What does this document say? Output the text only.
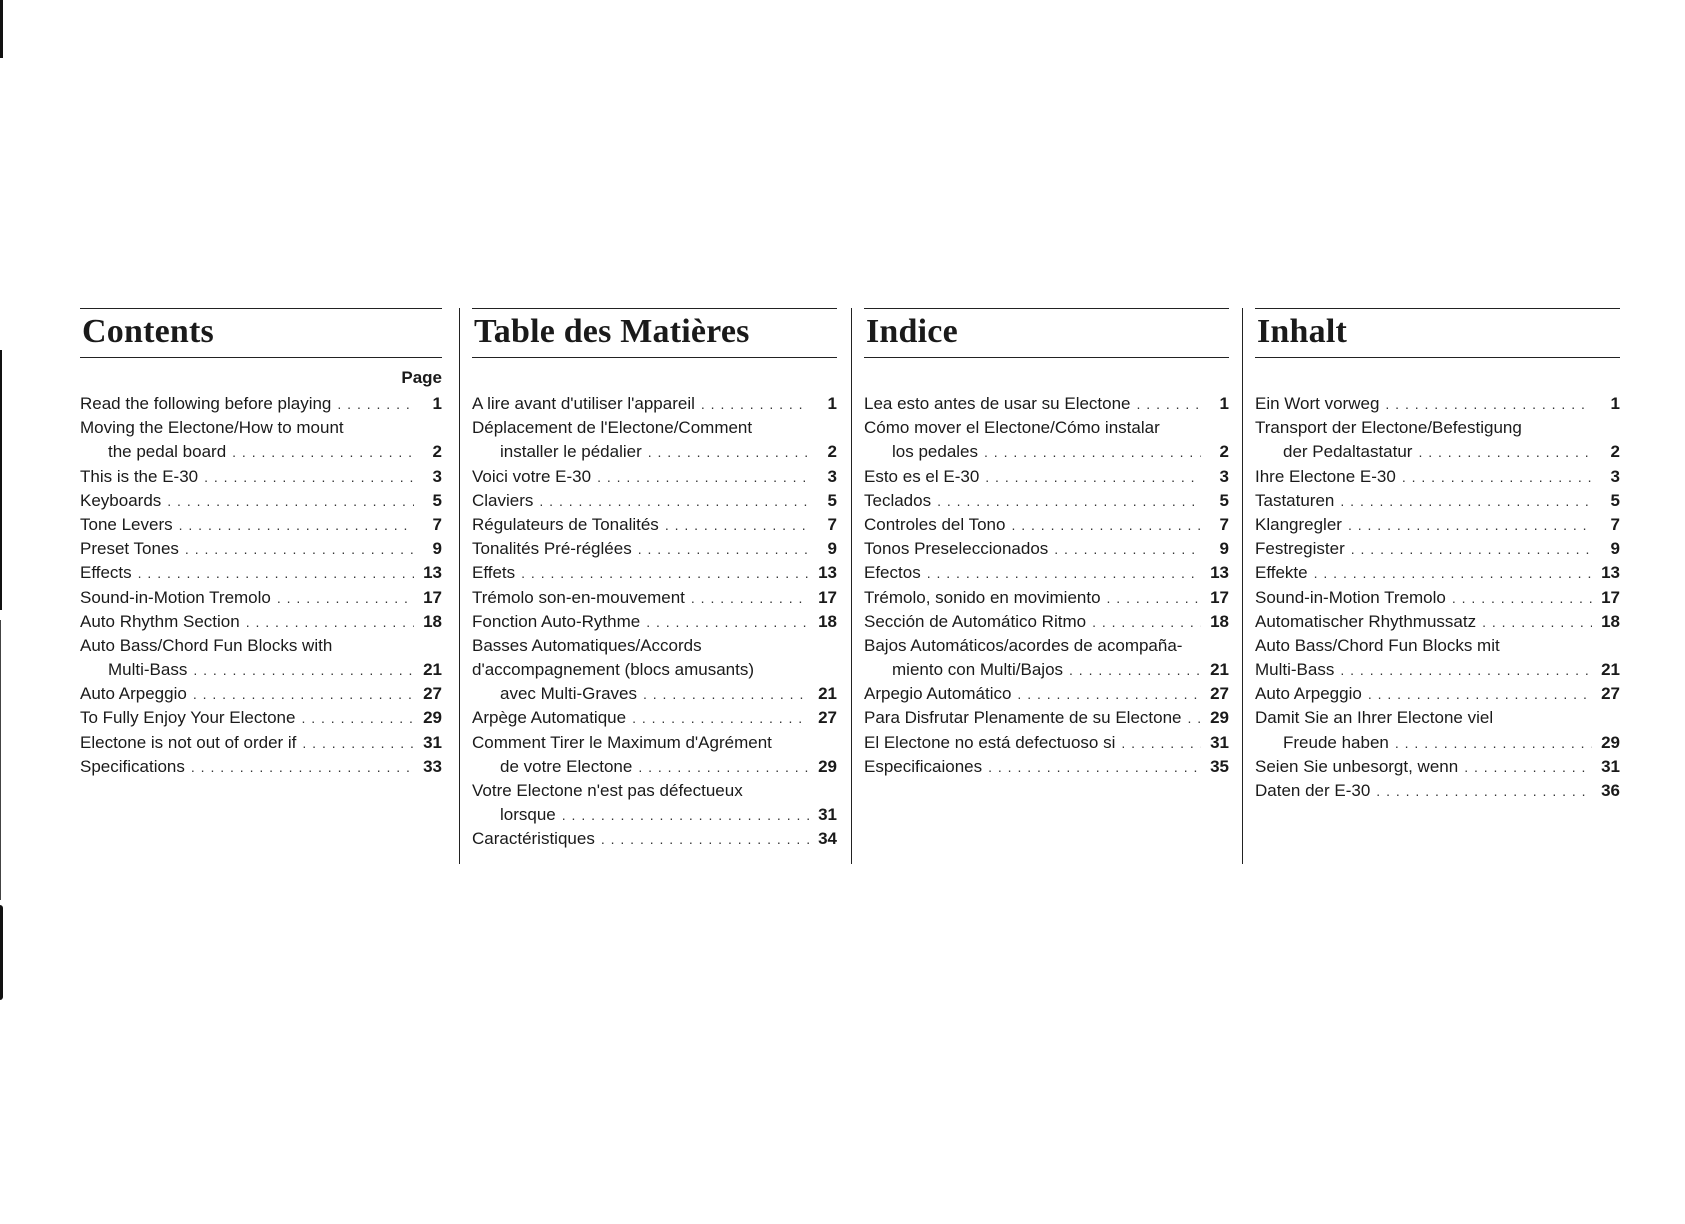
Contents
Page
Read the following before playing . . .	1
Moving the Electone/How to mount
the pedal board . . .	2
This is the E-30 . . .	3
Keyboards . . .	5
Tone Levers . . .	7
Preset Tones . . .	9
Effects . . .	13
Sound-in-Motion Tremolo . . .	17
Auto Rhythm Section . . .	18
Auto Bass/Chord Fun Blocks with
Multi-Bass . . .	21
Auto Arpeggio . . .	27
To Fully Enjoy Your Electone . . .	29
Electone is not out of order if . . .	31
Specifications . . .	33
Table des Matières
A lire avant d'utiliser l'appareil . . .	1
Déplacement de l'Electone/Comment
installer le pédalier . . .	2
Voici votre E-30 . . .	3
Claviers . . .	5
Régulateurs de Tonalités . . .	7
Tonalités Pré-réglées . . .	9
Effets . . .	13
Trémolo son-en-mouvement . . .	17
Fonction Auto-Rythme . . .	18
Basses Automatiques/Accords
d'accompagnement (blocs amusants)
avec Multi-Graves . . .	21
Arpège Automatique . . .	27
Comment Tirer le Maximum d'Agrément
de votre Electone . . .	29
Votre Electone n'est pas défectueux
lorsque . . .	31
Caractéristiques . . .	34
Indice
Lea esto antes de usar su Electone . . .	1
Cómo mover el Electone/Cómo instalar
los pedales . . .	2
Esto es el E-30 . . .	3
Teclados . . .	5
Controles del Tono . . .	7
Tonos Preseleccionados . . .	9
Efectos . . .	13
Trémolo, sonido en movimiento . . .	17
Sección de Automático Ritmo . . .	18
Bajos Automáticos/acordes de acompaña-
miento con Multi/Bajos . . .	21
Arpegio Automático . . .	27
Para Disfrutar Plenamente de su Electone . . . 29
El Electone no está defectuoso si . . .	31
Especificaiones . . .	35
Inhalt
Ein Wort vorweg . . .	1
Transport der Electone/Befestigung
der Pedaltastatur . . .	2
Ihre Electone E-30 . . .	3
Tastaturen . . .	5
Klangregler . . .	7
Festregister . . .	9
Effekte . . .	13
Sound-in-Motion Tremolo . . .	17
Automatischer Rhythmussatz . . .	18
Auto Bass/Chord Fun Blocks mit
Multi-Bass . . .	21
Auto Arpeggio . . .	27
Damit Sie an Ihrer Electone viel
Freude haben . . .	29
Seien Sie unbesorgt, wenn . . .	31
Daten der E-30 . . .	36
